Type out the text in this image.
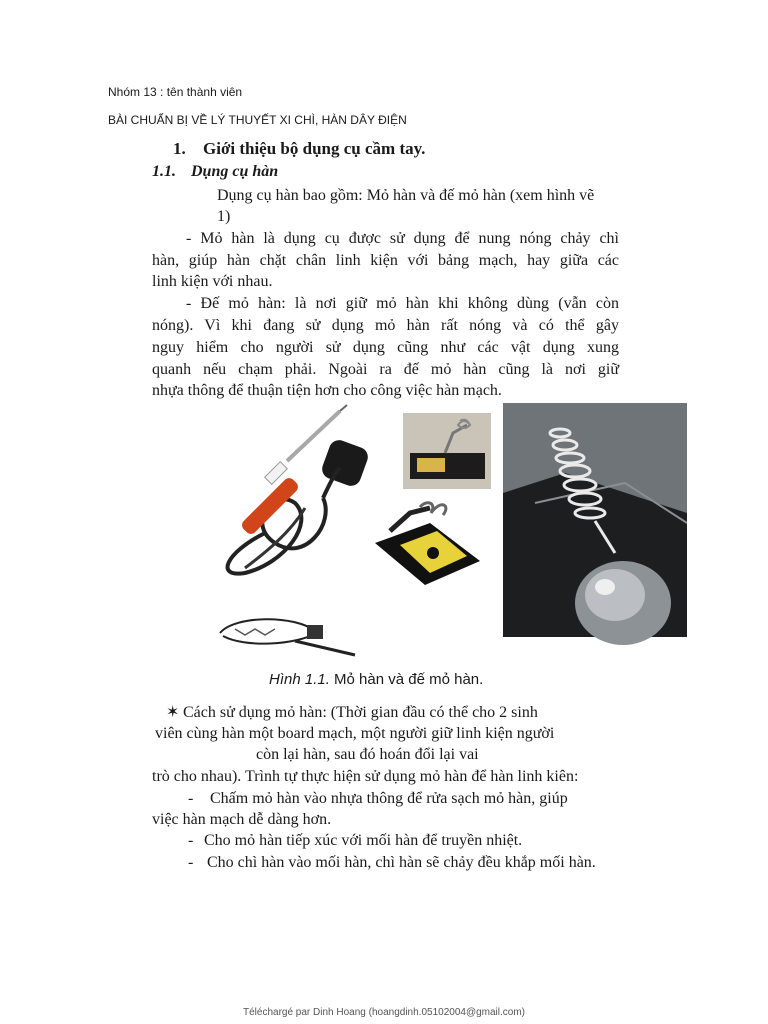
Nhóm 13 : tên thành viên
BÀI CHUẨN BỊ VỀ LÝ THUYẾT XI CHÌ, HÀN DÂY ĐIỆN
1. Giới thiệu bộ dụng cụ cầm tay.
1.1. Dụng cụ hàn
Dụng cụ hàn bao gồm: Mỏ hàn và đế mỏ hàn (xem hình vẽ
1)
- Mỏ hàn là dụng cụ được sử dụng để nung nóng chảy chì
hàn, giúp hàn chặt chân linh kiện với bảng mạch, hay giữa các
linh kiện với nhau.
- Đế mỏ hàn: là nơi giữ mỏ hàn khi không dùng (vẫn còn
nóng). Vì khi đang sử dụng mỏ hàn rất nóng và có thể gây
nguy hiểm cho người sử dụng cũng như các vật dụng xung
quanh nếu chạm phải. Ngoài ra đế mỏ hàn cũng là nơi giữ
nhựa thông để thuận tiện hơn cho công việc hàn mạch.
Hình 1.1. Mỏ hàn và đế mỏ hàn.
✶ Cách sử dụng mỏ hàn: (Thời gian đầu có thể cho 2 sinh
viên cùng hàn một board mạch, một người giữ linh kiện người
còn lại hàn, sau đó hoán đổi lại vai
trò cho nhau). Trình tự thực hiện sử dụng mỏ hàn để hàn linh kiên:
- Chấm mỏ hàn vào nhựa thông để rửa sạch mỏ hàn, giúp
việc hàn mạch dễ dàng hơn.
- Cho mỏ hàn tiếp xúc với mối hàn để truyền nhiệt.
- Cho chì hàn vào mối hàn, chì hàn sẽ chảy đều khắp mối hàn.
Téléchargé par Dinh Hoang (hoangdinh.05102004@gmail.com)
